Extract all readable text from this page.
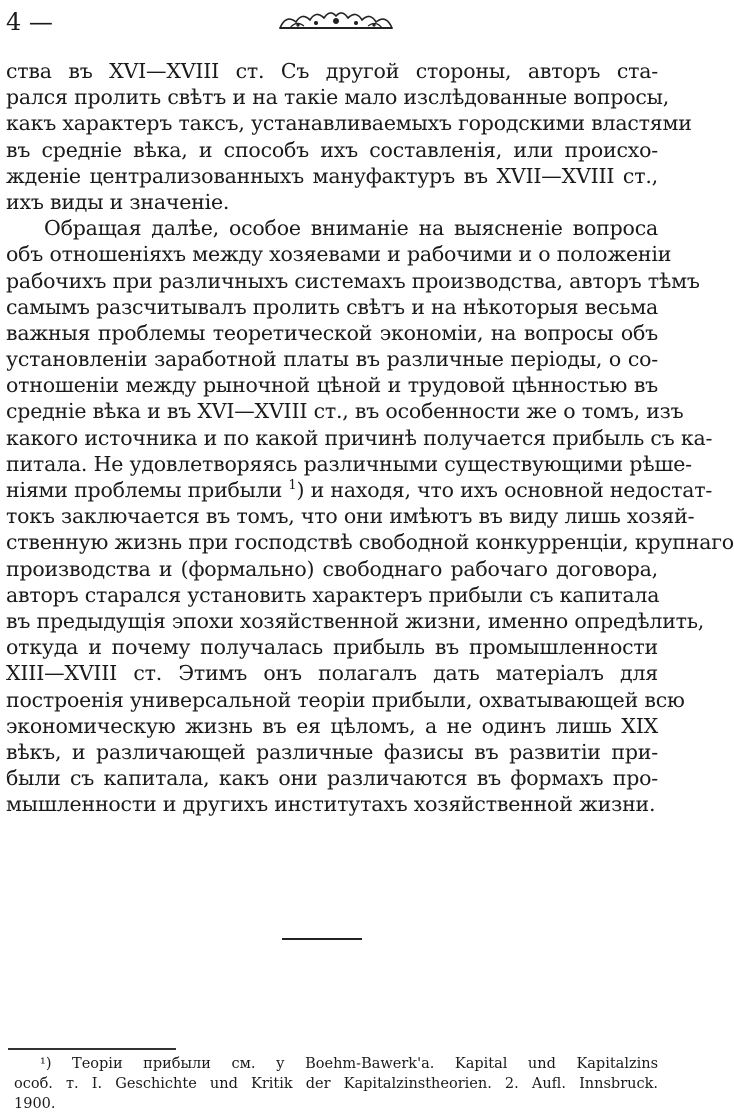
4 —
ства въ XVI—XVIII ст. Съ другой стороны, авторъ ста-
рался пролить свѣтъ и на такіе мало изслѣдованные вопросы,
какъ характеръ таксъ, устанавливаемыхъ городскими властями
въ средніе вѣка, и способъ ихъ составленія, или происхо-
жденіе централизованныхъ мануфактуръ въ XVII—XVIII ст.,
ихъ виды и значеніе.
Обращая далѣе, особое вниманіе на выясненіе вопроса
объ отношеніяхъ между хозяевами и рабочими и о положеніи
рабочихъ при различныхъ системахъ производства, авторъ тѣмъ
самымъ разсчитывалъ пролить свѣтъ и на нѣкоторыя весьма
важныя проблемы теоретической экономіи, на вопросы объ
установленіи заработной платы въ различные періоды, о со-
отношеніи между рыночной цѣной и трудовой цѣнностью въ
средніе вѣка и въ XVI—XVIII ст., въ особенности же о томъ, изъ
какого источника и по какой причинѣ получается прибыль съ ка-
питала. Не удовлетворяясь различными существующими рѣше-
ніями проблемы прибыли $^1$) и находя, что ихъ основной недостат-
токъ заключается въ томъ, что они имѣютъ въ виду лишь хозяй-
ственную жизнь при господствѣ свободной конкурренціи, крупнаго
производства и (формально) свободнаго рабочаго договора,
авторъ старался установить характеръ прибыли съ капитала
въ предыдущія эпохи хозяйственной жизни, именно опредѣлить,
откуда и почему получалась прибыль въ промышленности
XIII—XVIII ст. Этимъ онъ полагалъ дать матеріалъ для
построенія универсальной теоріи прибыли, охватывающей всю
экономическую жизнь въ ея цѣломъ, а не одинъ лишь XIX
вѣкъ, и различающей различные фазисы въ развитіи при-
были съ капитала, какъ они различаются въ формахъ про-
мышленности и другихъ институтахъ хозяйственной жизни.
¹) Теоріи прибыли см. у Boehm-Bawerk'a. Kapital und Kapitalzins
особ. т. I. Geschichte und Kritik der Kapitalzinstheorien. 2. Aufl. Innsbruck.
1900.
